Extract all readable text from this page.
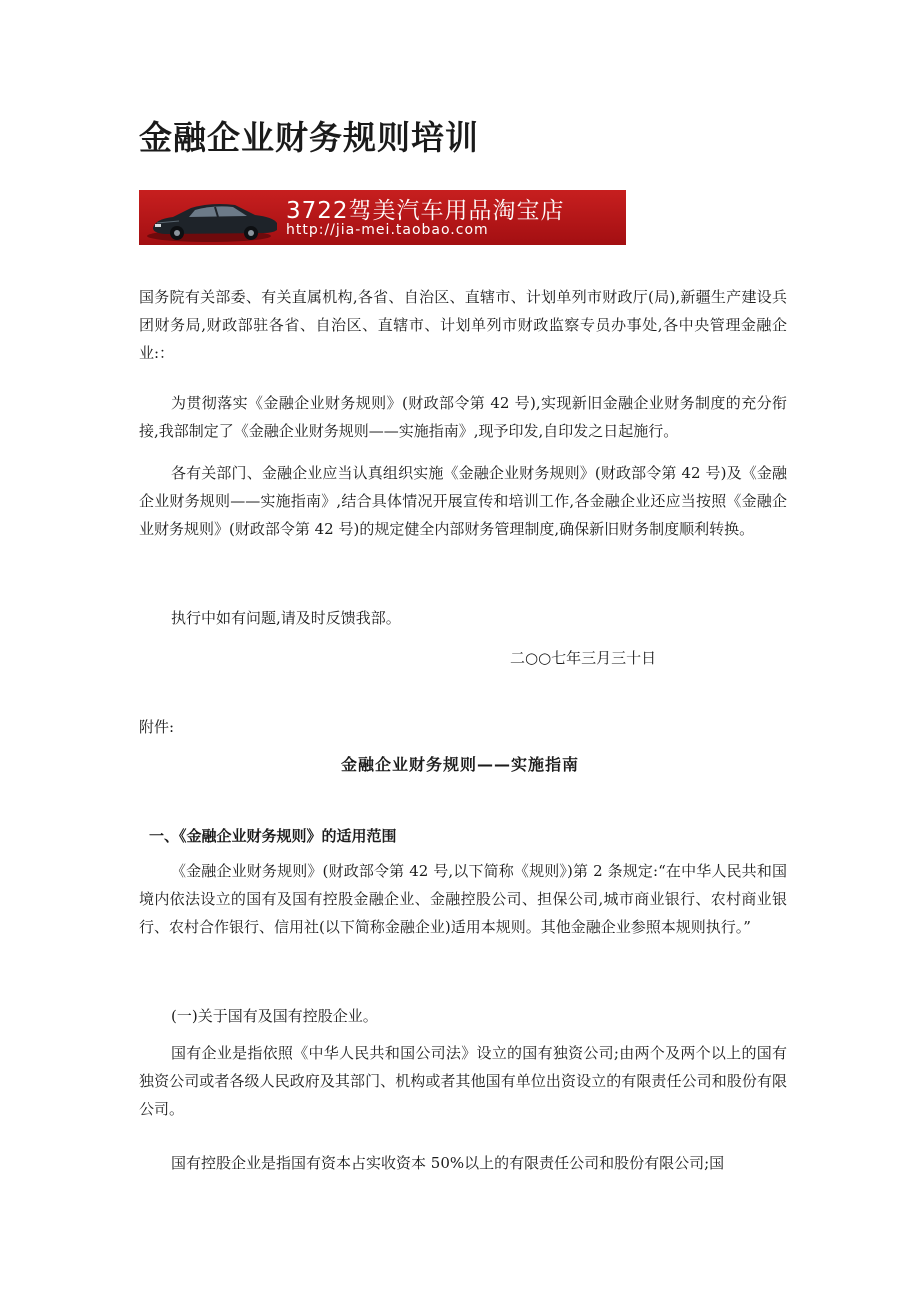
金融企业财务规则培训
3722驾美汽车用品淘宝店
http://jia-mei.taobao.com

国务院有关部委、有关直属机构,各省、自治区、直辖市、计划单列市财政厅(局),新疆生产建设兵团财务局,财政部驻各省、自治区、直辖市、计划单列市财政监察专员办事处,各中央管理金融企业:：

为贯彻落实《金融企业财务规则》(财政部令第 42 号),实现新旧金融企业财务制度的充分衔接,我部制定了《金融企业财务规则——实施指南》,现予印发,自印发之日起施行。

各有关部门、金融企业应当认真组织实施《金融企业财务规则》(财政部令第 42 号)及《金融企业财务规则——实施指南》,结合具体情况开展宣传和培训工作,各金融企业还应当按照《金融企业财务规则》(财政部令第 42 号)的规定健全内部财务管理制度,确保新旧财务制度顺利转换。

执行中如有问题,请及时反馈我部。

二○○七年三月三十日
附件:
金融企业财务规则——实施指南
一、《金融企业财务规则》的适用范围

《金融企业财务规则》(财政部令第 42 号,以下简称《规则》)第 2 条规定:“在中华人民共和国境内依法设立的国有及国有控股金融企业、金融控股公司、担保公司,城市商业银行、农村商业银行、农村合作银行、信用社(以下简称金融企业)适用本规则。其他金融企业参照本规则执行。”

(一)关于国有及国有控股企业。

国有企业是指依照《中华人民共和国公司法》设立的国有独资公司;由两个及两个以上的国有独资公司或者各级人民政府及其部门、机构或者其他国有单位出资设立的有限责任公司和股份有限公司。

国有控股企业是指国有资本占实收资本 50%以上的有限责任公司和股份有限公司;国
